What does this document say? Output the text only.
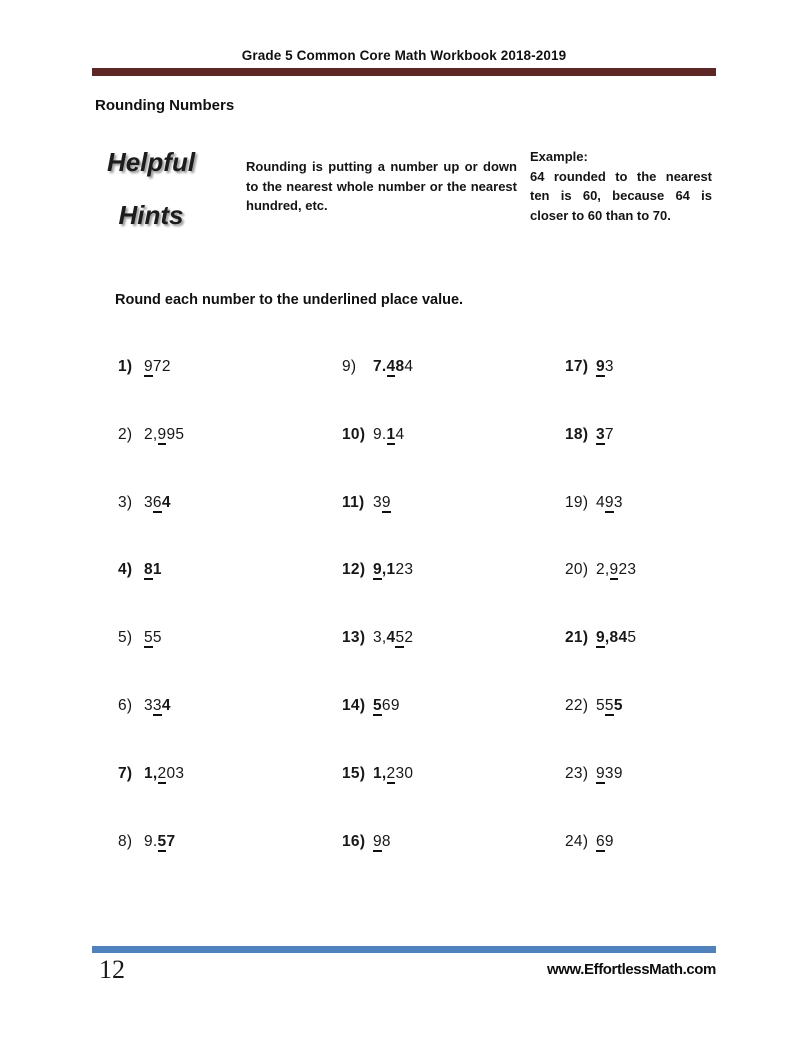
Grade 5 Common Core Math Workbook 2018-2019
Rounding Numbers
Helpful
Hints
Rounding is putting a number up or down to the nearest whole number or the nearest hundred, etc.
Example:
64 rounded to the nearest ten is 60, because 64 is closer to 60 than to 70.
Round each number to the underlined place value.
1) 972
2) 2,995
3) 364
4) 81
5) 55
6) 334
7) 1,203
8) 9.57
9) 7.484
10) 9.14
11) 39
12) 9,123
13) 3,452
14) 569
15) 1,230
16) 98
17) 93
18) 37
19) 493
20) 2,923
21) 9,845
22) 555
23) 939
24) 69
12	www.EffortlessMath.com
